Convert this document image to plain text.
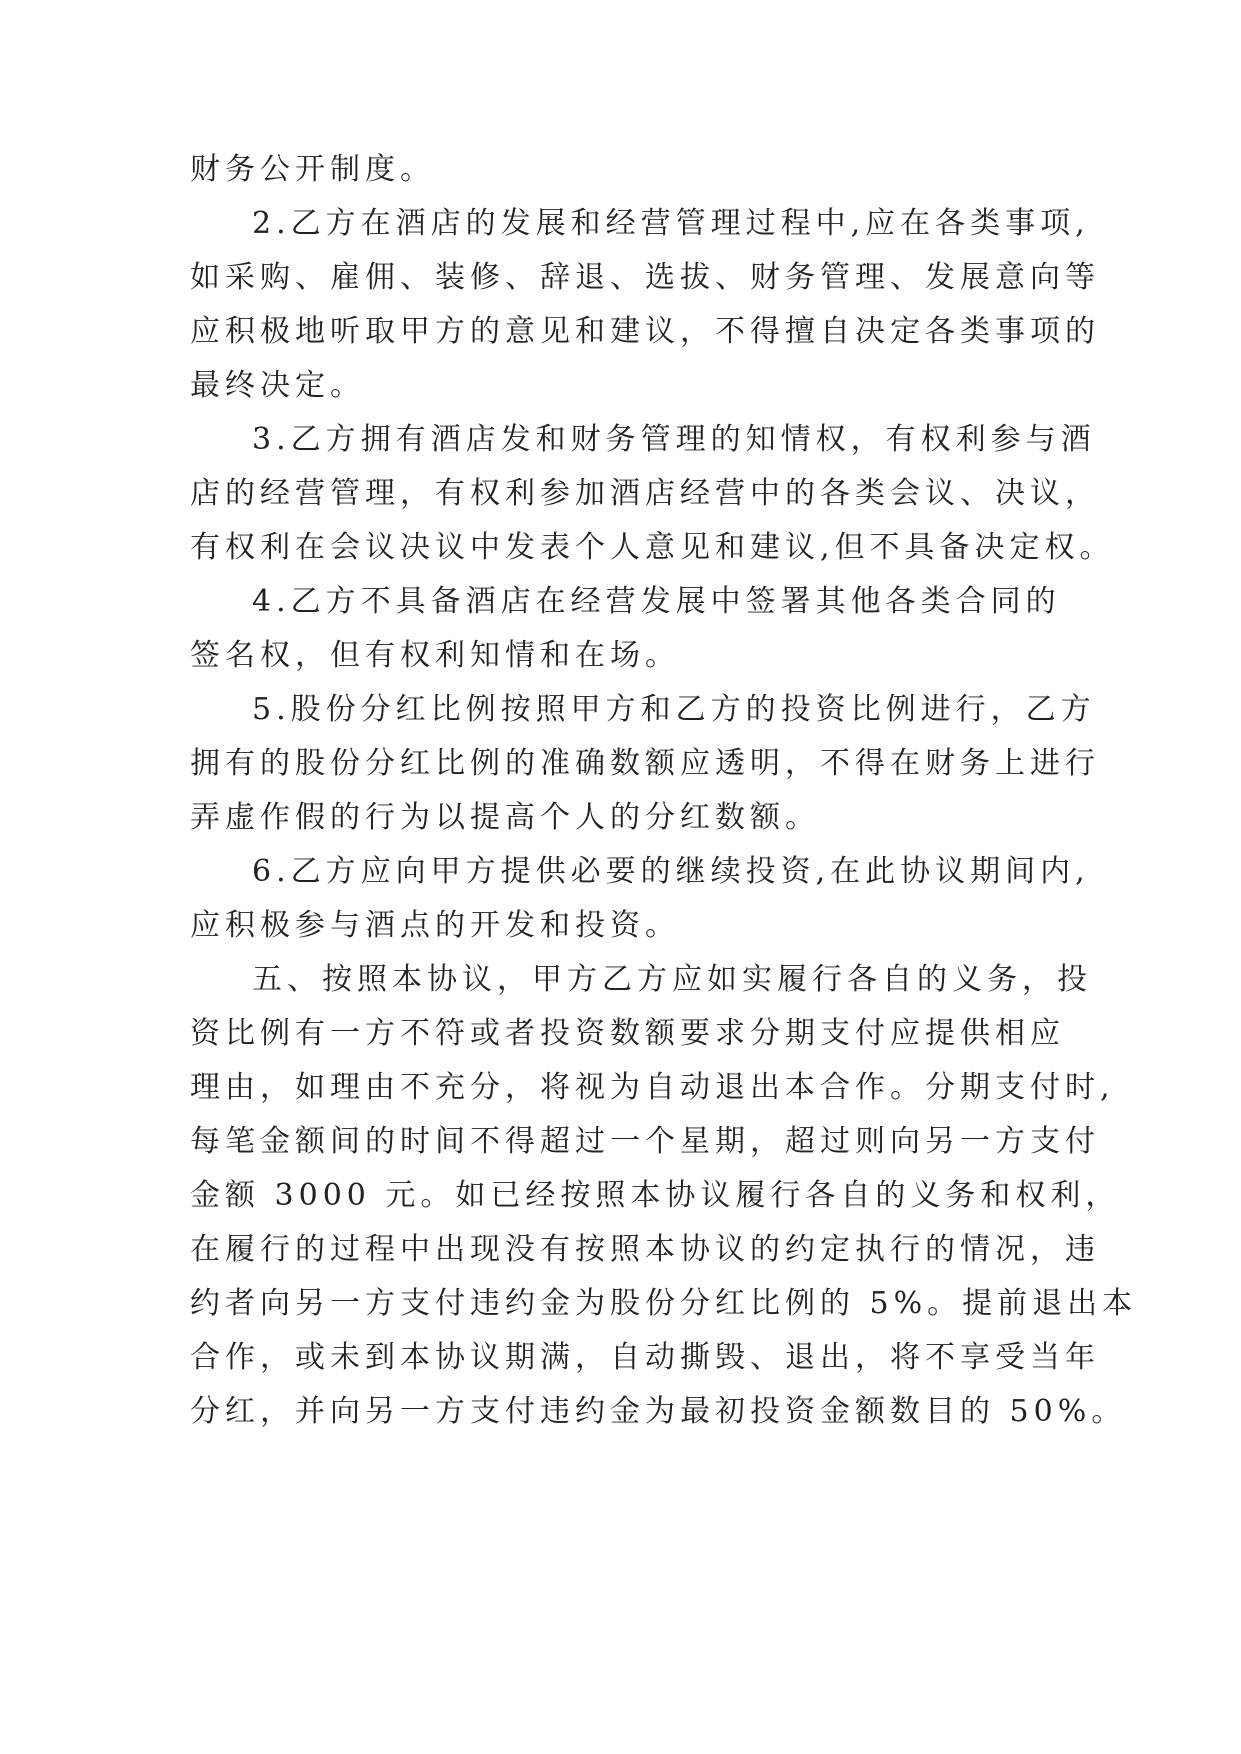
财务公开制度。
2.乙方在酒店的发展和经营管理过程中,应在各类事项,
如采购、雇佣、装修、辞退、选拔、财务管理、发展意向等
应积极地听取甲方的意见和建议，不得擅自决定各类事项的
最终决定。
3.乙方拥有酒店发和财务管理的知情权，有权利参与酒
店的经营管理，有权利参加酒店经营中的各类会议、决议，
有权利在会议决议中发表个人意见和建议,但不具备决定权。
4.乙方不具备酒店在经营发展中签署其他各类合同的
签名权，但有权利知情和在场。
5.股份分红比例按照甲方和乙方的投资比例进行，乙方
拥有的股份分红比例的准确数额应透明，不得在财务上进行
弄虚作假的行为以提高个人的分红数额。
6.乙方应向甲方提供必要的继续投资,在此协议期间内,
应积极参与酒点的开发和投资。
五、按照本协议，甲方乙方应如实履行各自的义务，投
资比例有一方不符或者投资数额要求分期支付应提供相应
理由，如理由不充分，将视为自动退出本合作。分期支付时,
每笔金额间的时间不得超过一个星期，超过则向另一方支付
金额 3000 元。如已经按照本协议履行各自的义务和权利，
在履行的过程中出现没有按照本协议的约定执行的情况，违
约者向另一方支付违约金为股份分红比例的 5%。提前退出本
合作，或未到本协议期满，自动撕毁、退出，将不享受当年
分红，并向另一方支付违约金为最初投资金额数目的 50%。
